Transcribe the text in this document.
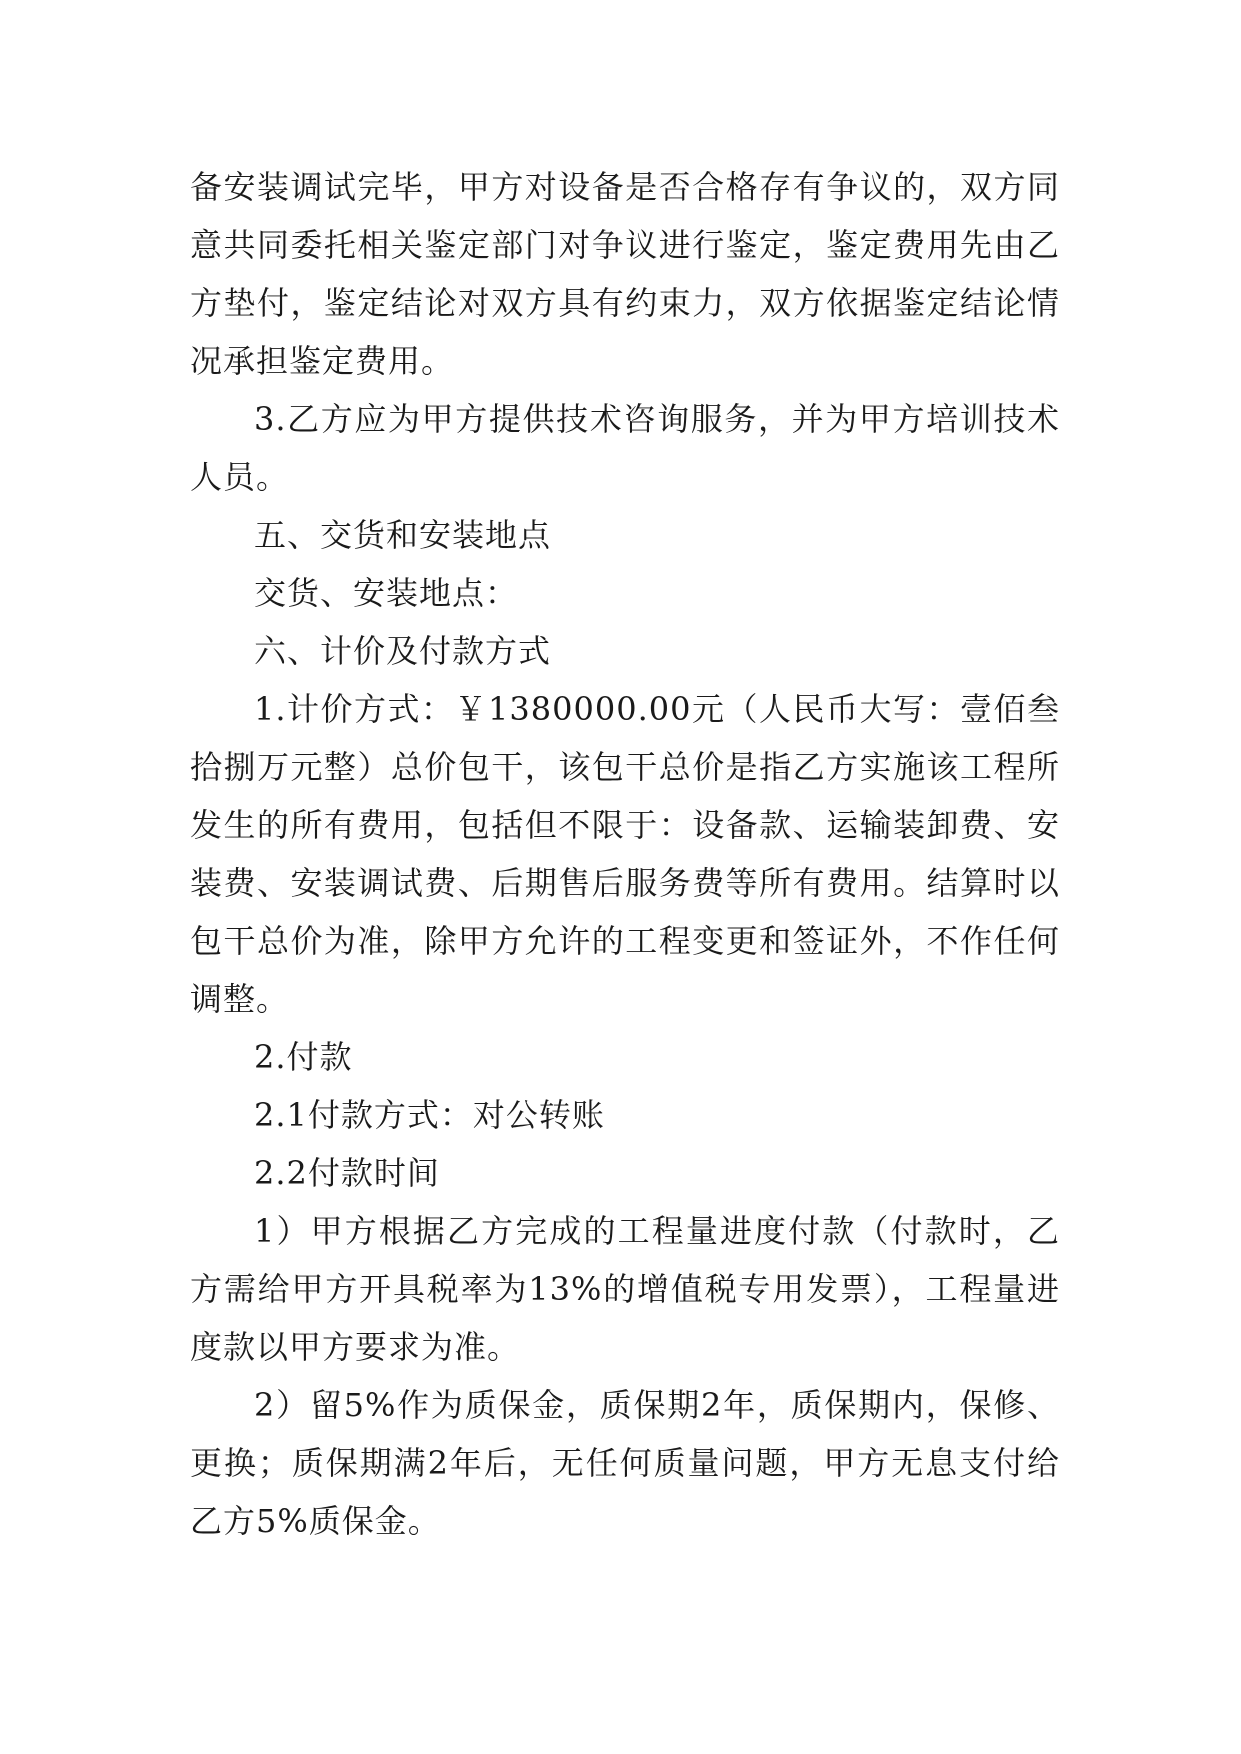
备安装调试完毕，甲方对设备是否合格存有争议的，双方同意共同委托相关鉴定部门对争议进行鉴定，鉴定费用先由乙方垫付，鉴定结论对双方具有约束力，双方依据鉴定结论情况承担鉴定费用。

3.乙方应为甲方提供技术咨询服务，并为甲方培训技术人员。

五、交货和安装地点

交货、安装地点：

六、计价及付款方式

1.计价方式：￥1380000.00元（人民币大写：壹佰叁拾捌万元整）总价包干，该包干总价是指乙方实施该工程所发生的所有费用，包括但不限于：设备款、运输装卸费、安装费、安装调试费、后期售后服务费等所有费用。结算时以包干总价为准，除甲方允许的工程变更和签证外，不作任何调整。

2.付款

2.1付款方式：对公转账

2.2付款时间

1）甲方根据乙方完成的工程量进度付款（付款时，乙方需给甲方开具税率为13%的增值税专用发票），工程量进度款以甲方要求为准。

2）留5%作为质保金，质保期2年，质保期内，保修、更换；质保期满2年后，无任何质量问题，甲方无息支付给乙方5%质保金。
